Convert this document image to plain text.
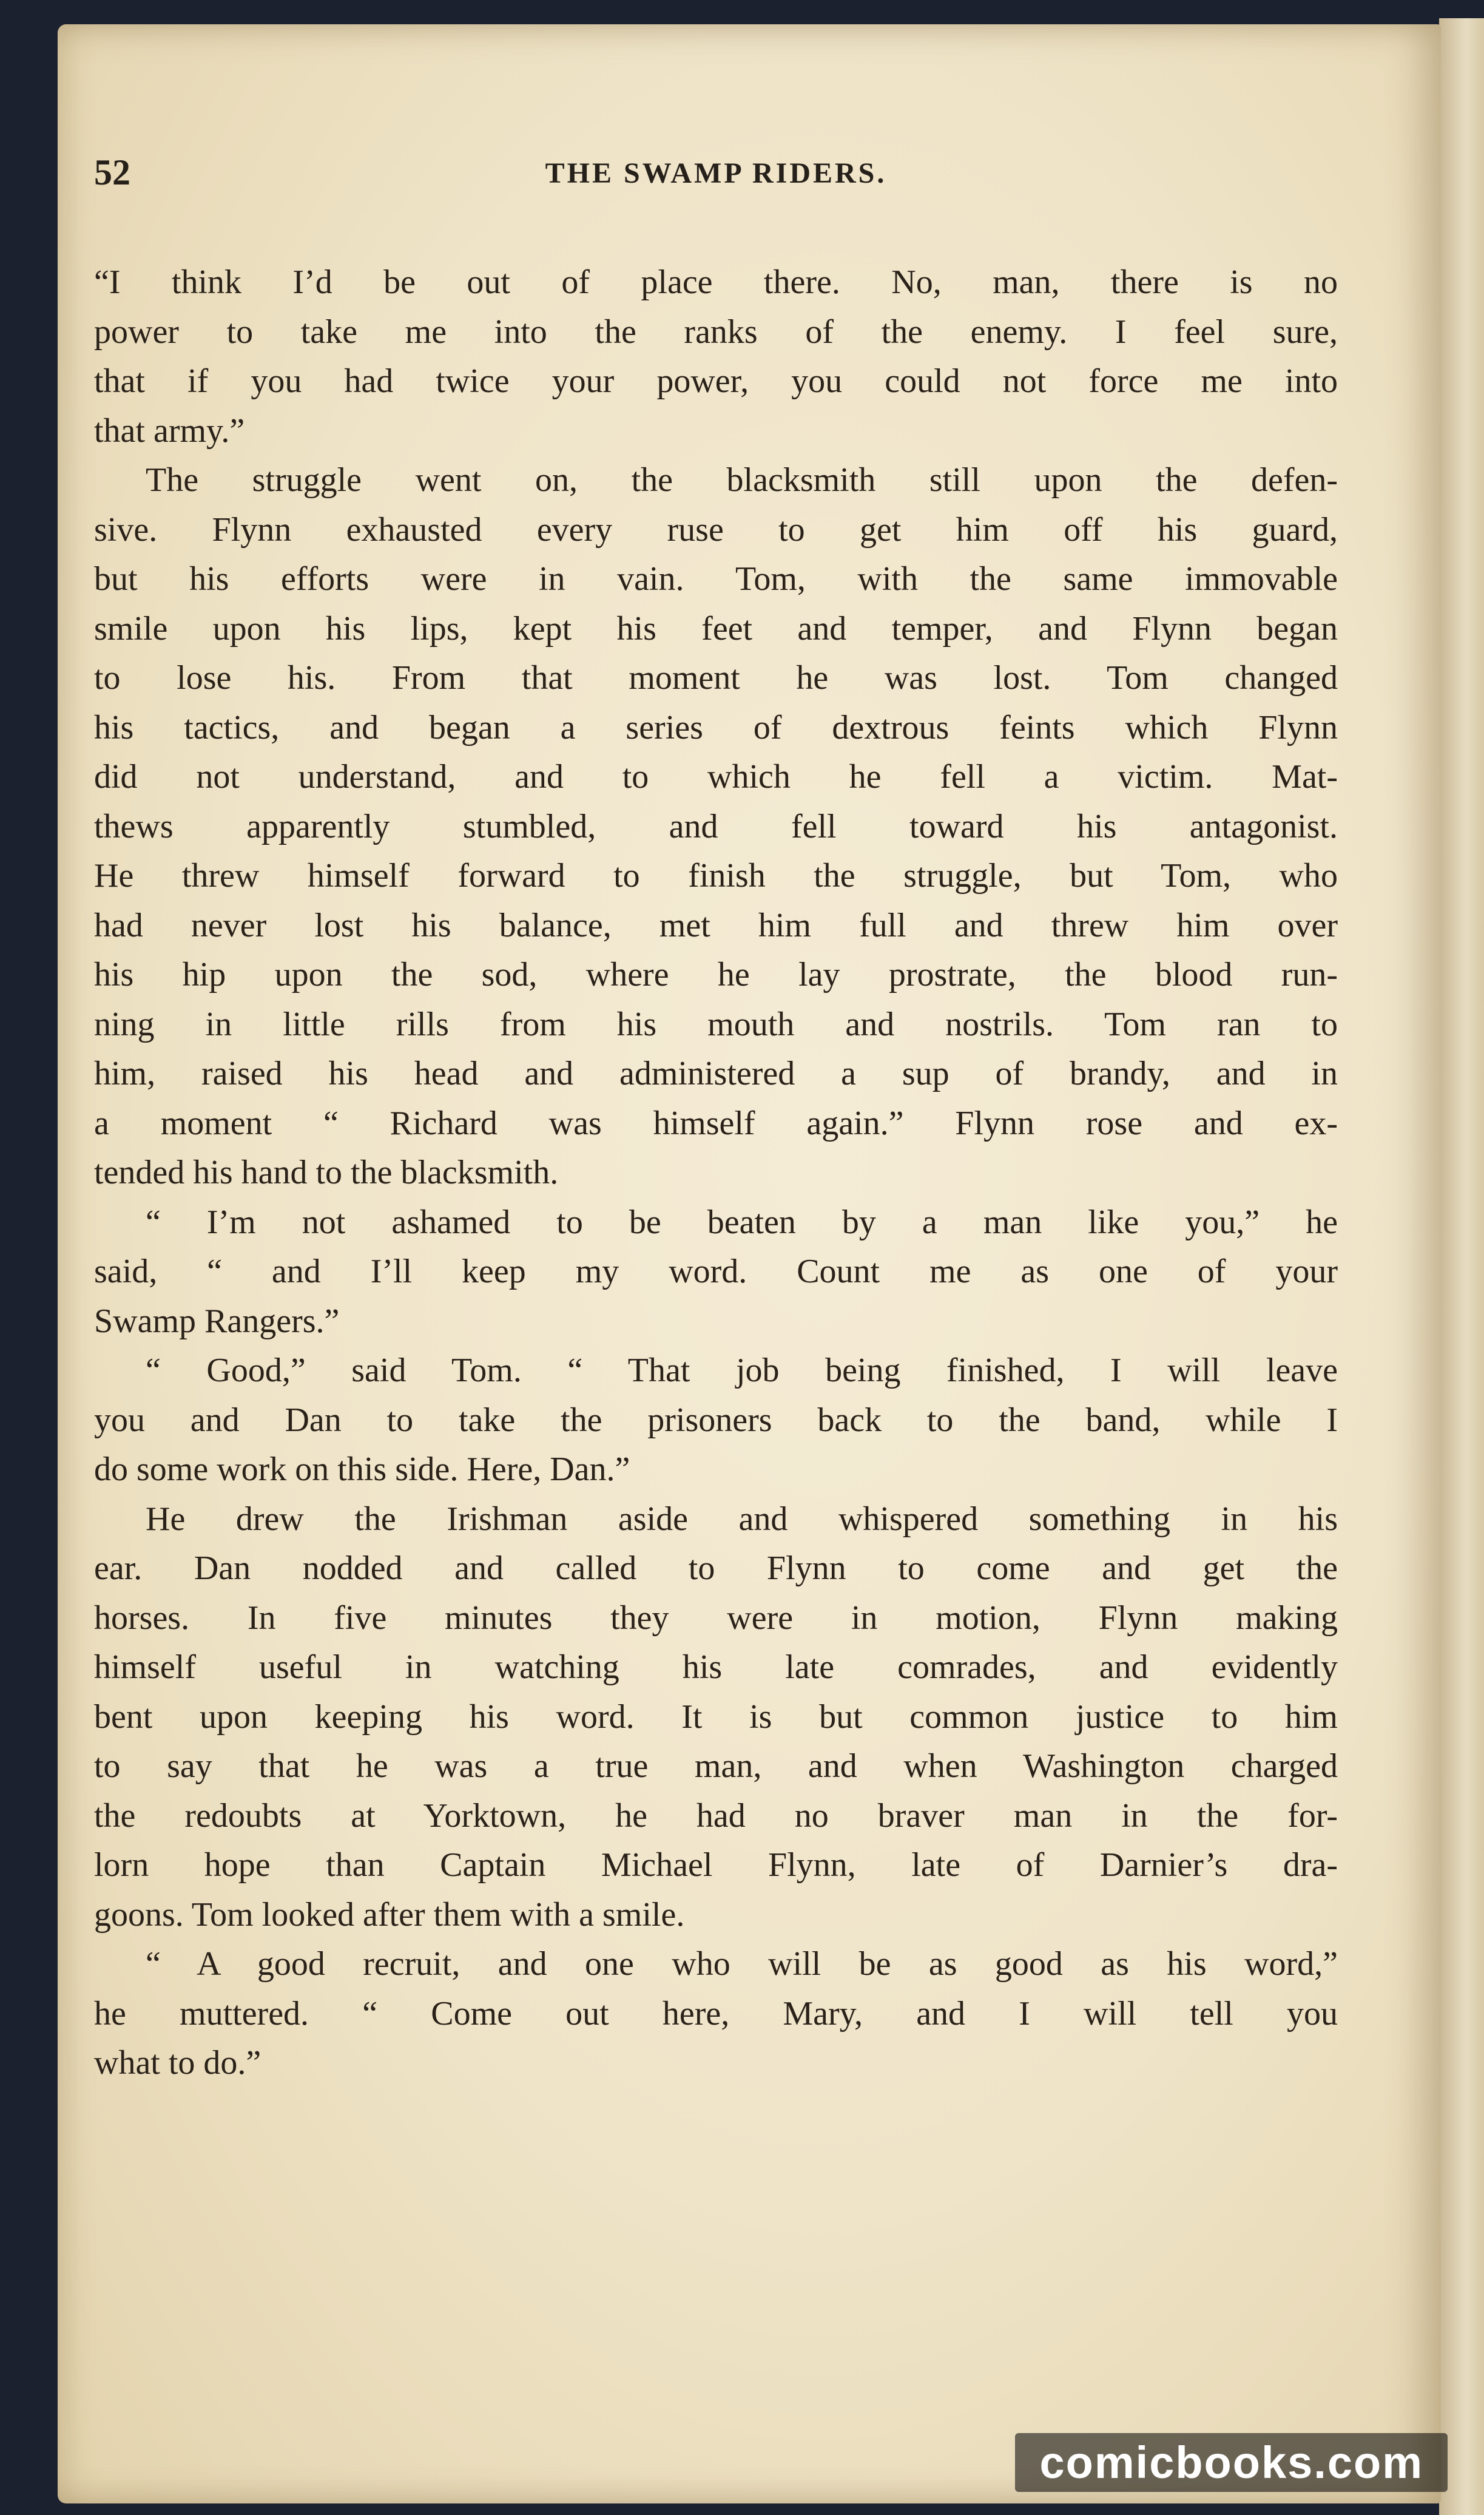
52	THE SWAMP RIDERS.
“I think I’d be out of place there. No, man, there is no
power to take me into the ranks of the enemy. I feel sure,
that if you had twice your power, you could not force me into
that army.”
The struggle went on, the blacksmith still upon the defen-
sive. Flynn exhausted every ruse to get him off his guard,
but his efforts were in vain. Tom, with the same immovable
smile upon his lips, kept his feet and temper, and Flynn began
to lose his. From that moment he was lost. Tom changed
his tactics, and began a series of dextrous feints which Flynn
did not understand, and to which he fell a victim. Mat-
thews apparently stumbled, and fell toward his antagonist.
He threw himself forward to finish the struggle, but Tom, who
had never lost his balance, met him full and threw him over
his hip upon the sod, where he lay prostrate, the blood run-
ning in little rills from his mouth and nostrils. Tom ran to
him, raised his head and administered a sup of brandy, and in
a moment “ Richard was himself again.” Flynn rose and ex-
tended his hand to the blacksmith.
“ I’m not ashamed to be beaten by a man like you,” he
said, “ and I’ll keep my word. Count me as one of your
Swamp Rangers.”
“ Good,” said Tom. “ That job being finished, I will leave
you and Dan to take the prisoners back to the band, while I
do some work on this side. Here, Dan.”
He drew the Irishman aside and whispered something in his
ear. Dan nodded and called to Flynn to come and get the
horses. In five minutes they were in motion, Flynn making
himself useful in watching his late comrades, and evidently
bent upon keeping his word. It is but common justice to him
to say that he was a true man, and when Washington charged
the redoubts at Yorktown, he had no braver man in the for-
lorn hope than Captain Michael Flynn, late of Darnier’s dra-
goons. Tom looked after them with a smile.
“ A good recruit, and one who will be as good as his word,”
he muttered. “ Come out here, Mary, and I will tell you
what to do.”
comicbooks.com
